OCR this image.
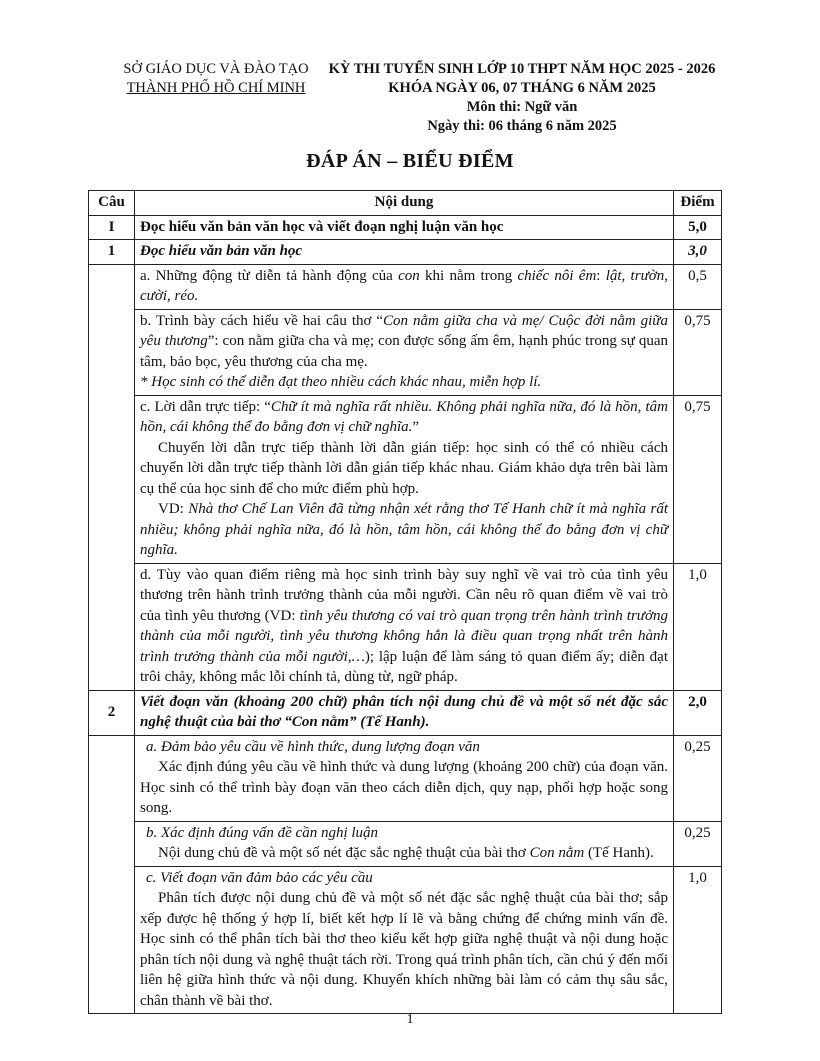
SỞ GIÁO DỤC VÀ ĐÀO TẠO
THÀNH PHỐ HỒ CHÍ MINH
KỲ THI TUYỂN SINH LỚP 10 THPT NĂM HỌC 2025 - 2026
KHÓA NGÀY 06, 07 THÁNG 6 NĂM 2025
Môn thi: Ngữ văn
Ngày thi: 06 tháng 6 năm 2025
ĐÁP ÁN – BIỂU ĐIỂM
Câu	Nội dung	Điểm
I	Đọc hiểu văn bản văn học và viết đoạn nghị luận văn học	5,0
1	Đọc hiểu văn bản văn học	3,0

	a. Những động từ diễn tả hành động của con khi nằm trong chiếc nôi êm: lật, trườn, cười, réo.	0,5

	b. Trình bày cách hiểu về hai câu thơ “Con nằm giữa cha và mẹ/ Cuộc đời nằm giữa yêu thương”: con nằm giữa cha và mẹ; con được sống ấm êm, hạnh phúc trong sự quan tâm, bảo bọc, yêu thương của cha mẹ.

* Học sinh có thể diễn đạt theo nhiều cách khác nhau, miễn hợp lí.	0,75

	c. Lời dẫn trực tiếp: “Chữ ít mà nghĩa rất nhiều. Không phải nghĩa nữa, đó là hồn, tâm hồn, cái không thể đo bằng đơn vị chữ nghĩa.”

Chuyển lời dẫn trực tiếp thành lời dẫn gián tiếp: học sinh có thể có nhiều cách chuyển lời dẫn trực tiếp thành lời dẫn gián tiếp khác nhau. Giám khảo dựa trên bài làm cụ thể của học sinh để cho mức điểm phù hợp.

VD: Nhà thơ Chế Lan Viên đã từng nhận xét rằng thơ Tế Hanh chữ ít mà nghĩa rất nhiều; không phải nghĩa nữa, đó là hồn, tâm hồn, cái không thể đo bằng đơn vị chữ nghĩa.	0,75

	d. Tùy vào quan điểm riêng mà học sinh trình bày suy nghĩ về vai trò của tình yêu thương trên hành trình trưởng thành của mỗi người. Cần nêu rõ quan điểm về vai trò của tình yêu thương (VD: tình yêu thương có vai trò quan trọng trên hành trình trưởng thành của mỗi người, tình yêu thương không hẳn là điều quan trọng nhất trên hành trình trưởng thành của mỗi người,…); lập luận để làm sáng tỏ quan điểm ấy; diễn đạt trôi chảy, không mắc lỗi chính tả, dùng từ, ngữ pháp.	1,0
2	Viết đoạn văn (khoảng 200 chữ) phân tích nội dung chủ đề và một số nét đặc sắc nghệ thuật của bài thơ “Con nằm” (Tế Hanh).	2,0

	a. Đảm bảo yêu cầu về hình thức, dung lượng đoạn văn

Xác định đúng yêu cầu về hình thức và dung lượng (khoảng 200 chữ) của đoạn văn. Học sinh có thể trình bày đoạn văn theo cách diễn dịch, quy nạp, phối hợp hoặc song song.	0,25

	b. Xác định đúng vấn đề cần nghị luận

Nội dung chủ đề và một số nét đặc sắc nghệ thuật của bài thơ Con nằm (Tế Hanh).	0,25

	c. Viết đoạn văn đảm bảo các yêu cầu

Phân tích được nội dung chủ đề và một số nét đặc sắc nghệ thuật của bài thơ; sắp xếp được hệ thống ý hợp lí, biết kết hợp lí lẽ và bằng chứng để chứng minh vấn đề. Học sinh có thể phân tích bài thơ theo kiểu kết hợp giữa nghệ thuật và nội dung hoặc phân tích nội dung và nghệ thuật tách rời. Trong quá trình phân tích, cần chú ý đến mối liên hệ giữa hình thức và nội dung. Khuyến khích những bài làm có cảm thụ sâu sắc, chân thành về bài thơ.	1,0
1
